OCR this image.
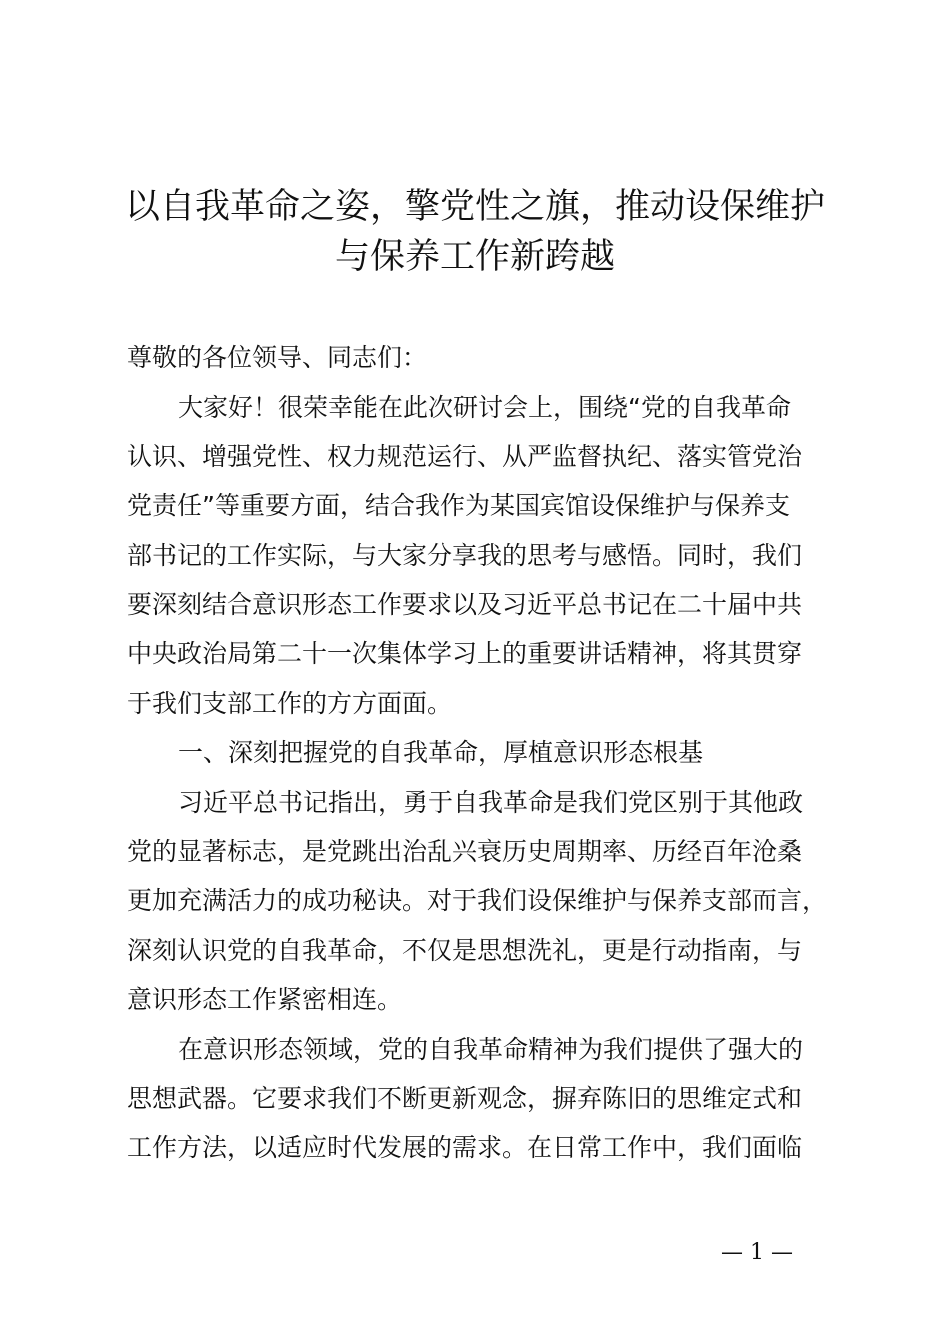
以自我革命之姿，擎党性之旗，推动设保维护
与保养工作新跨越
尊敬的各位领导、同志们：
大家好！很荣幸能在此次研讨会上，围绕“党的自我革命
认识、增强党性、权力规范运行、从严监督执纪、落实管党治
党责任”等重要方面，结合我作为某国宾馆设保维护与保养支
部书记的工作实际，与大家分享我的思考与感悟。同时，我们
要深刻结合意识形态工作要求以及习近平总书记在二十届中共
中央政治局第二十一次集体学习上的重要讲话精神，将其贯穿
于我们支部工作的方方面面。
一、深刻把握党的自我革命，厚植意识形态根基
习近平总书记指出，勇于自我革命是我们党区别于其他政
党的显著标志，是党跳出治乱兴衰历史周期率、历经百年沧桑
更加充满活力的成功秘诀。对于我们设保维护与保养支部而言，
深刻认识党的自我革命，不仅是思想洗礼，更是行动指南，与
意识形态工作紧密相连。
在意识形态领域，党的自我革命精神为我们提供了强大的
思想武器。它要求我们不断更新观念，摒弃陈旧的思维定式和
工作方法，以适应时代发展的需求。在日常工作中，我们面临
— 1 —
